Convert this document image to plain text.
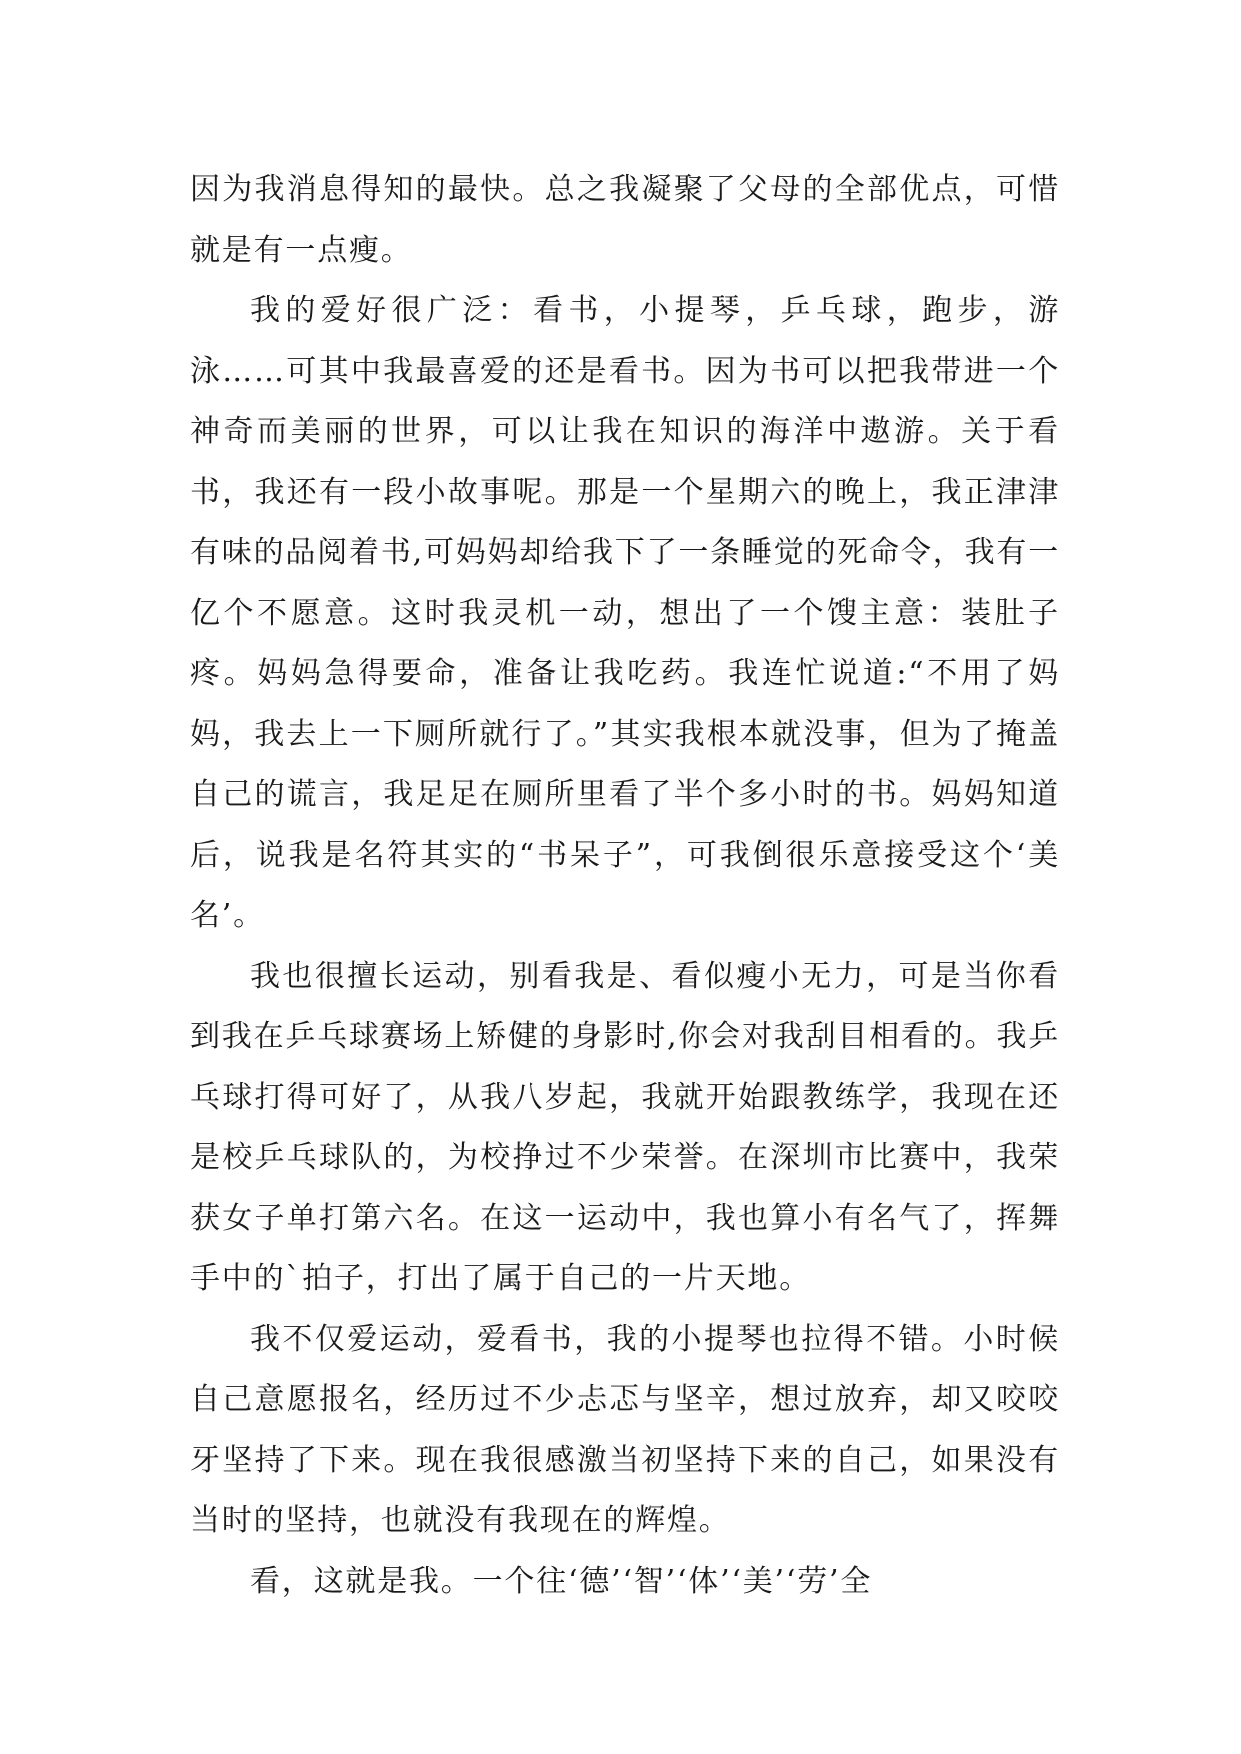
因为我消息得知的最快。总之我凝聚了父母的全部优点，可惜就是有一点瘦。

我的爱好很广泛：看书，小提琴，乒乓球，跑步，游泳……可其中我最喜爱的还是看书。因为书可以把我带进一个神奇而美丽的世界，可以让我在知识的海洋中遨游。关于看书，我还有一段小故事呢。那是一个星期六的晚上，我正津津有味的品阅着书,可妈妈却给我下了一条睡觉的死命令，我有一亿个不愿意。这时我灵机一动，想出了一个馊主意：装肚子疼。妈妈急得要命，准备让我吃药。我连忙说道:“不用了妈妈，我去上一下厕所就行了。”其实我根本就没事，但为了掩盖自己的谎言，我足足在厕所里看了半个多小时的书。妈妈知道后，说我是名符其实的“书呆子”，可我倒很乐意接受这个‘美名’。

我也很擅长运动，别看我是、看似瘦小无力，可是当你看到我在乒乓球赛场上矫健的身影时,你会对我刮目相看的。我乒乓球打得可好了，从我八岁起，我就开始跟教练学，我现在还是校乒乓球队的，为校挣过不少荣誉。在深圳市比赛中，我荣获女子单打第六名。在这一运动中，我也算小有名气了，挥舞手中的`拍子，打出了属于自己的一片天地。

我不仅爱运动，爱看书，我的小提琴也拉得不错。小时候自己意愿报名，经历过不少忐忑与坚辛，想过放弃，却又咬咬牙坚持了下来。现在我很感激当初坚持下来的自己，如果没有当时的坚持，也就没有我现在的辉煌。

看，这就是我。一个往‘德’‘智’‘体’‘美’‘劳’全
